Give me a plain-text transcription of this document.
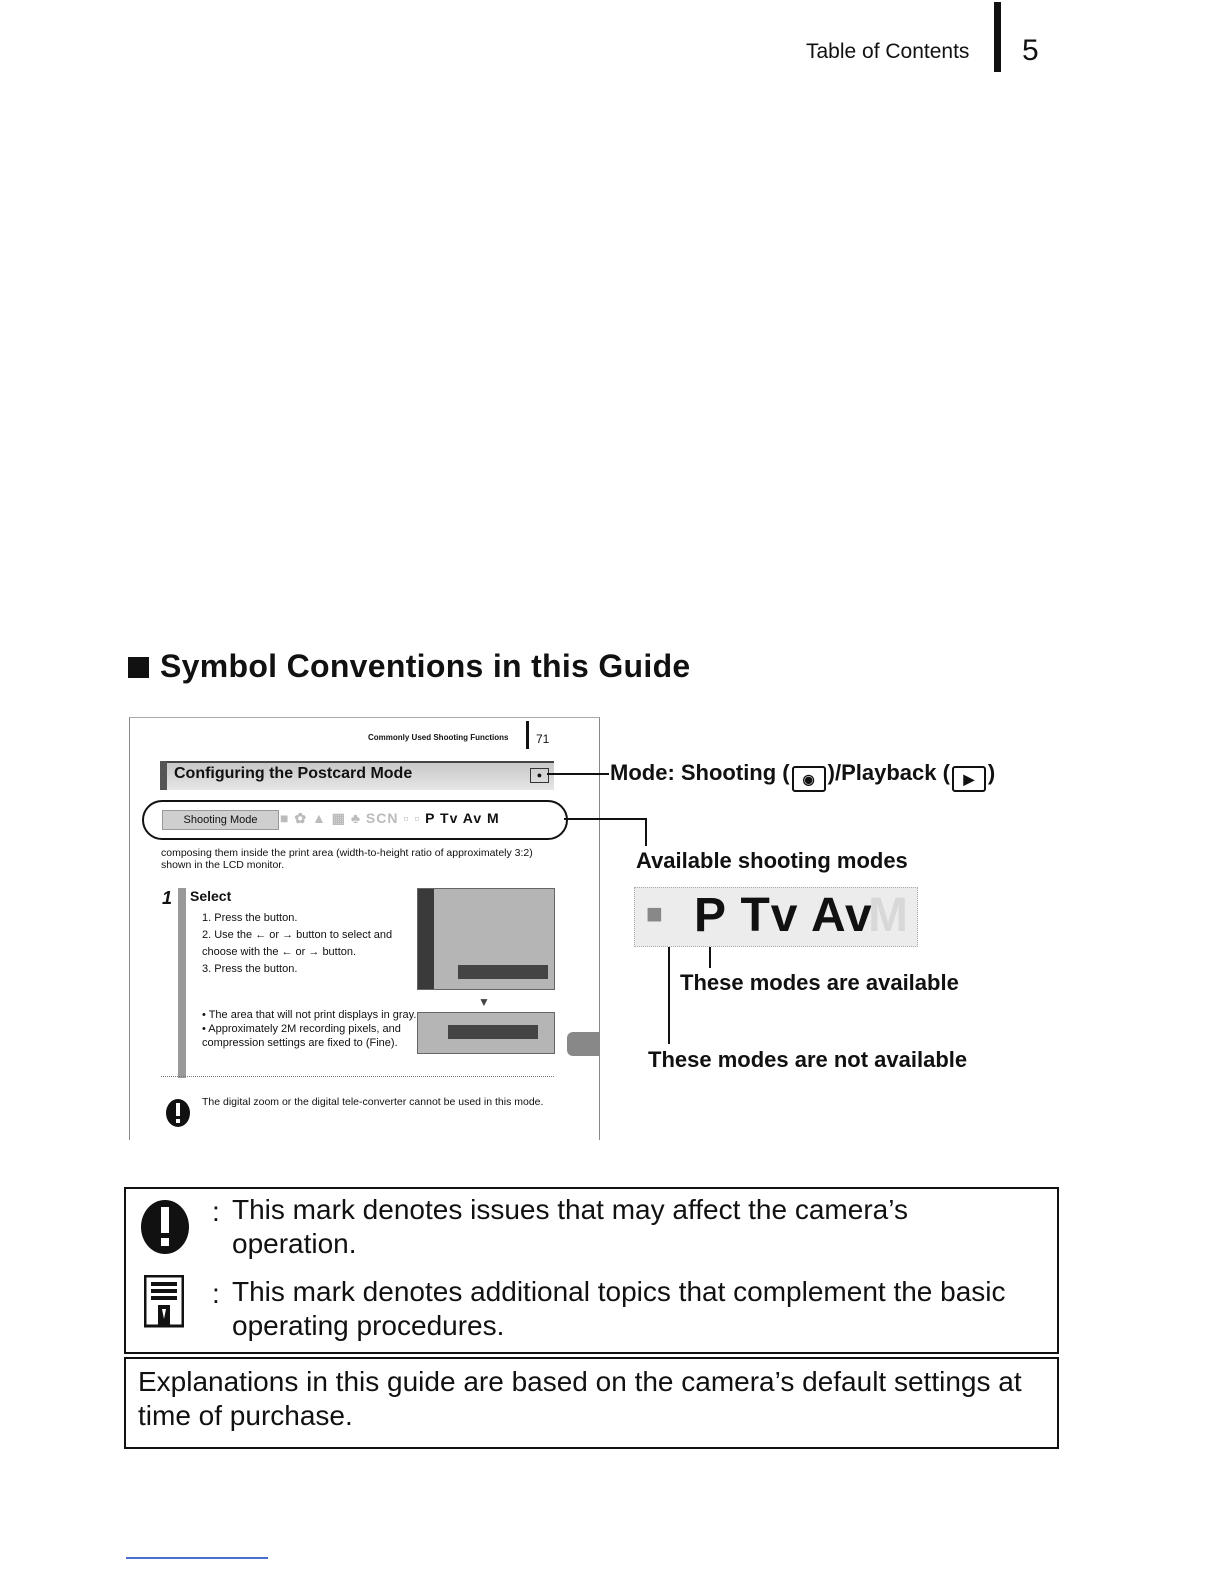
Table of Contents 5
Symbol Conventions in this Guide
Commonly Used Shooting Functions 71
Configuring the Postcard Mode	●
Shooting Mode	■ ✿ ▲ ▦ ♣ SCN ▫ ▫ P Tv Av M
composing them inside the print area (width-to-height ratio of approximately 3:2) shown in the LCD monitor.
1 Select
1. Press the button.
2. Use the ← or → button to select and choose with the ← or → button.
3. Press the button.
• The area that will not print displays in gray.
• Approximately 2M recording pixels, and compression settings are fixed to (Fine).
▼
The digital zoom or the digital tele-converter cannot be used in this mode.
Mode: Shooting ( ◉ )/Playback ( ▶ )
Available shooting modes
■ P Tv Av
M
These modes are available
These modes are not available
: This mark denotes issues that may affect the camera’s operation.
: This mark denotes additional topics that complement the basic operating procedures.
Explanations in this guide are based on the camera’s default settings at time of purchase.
